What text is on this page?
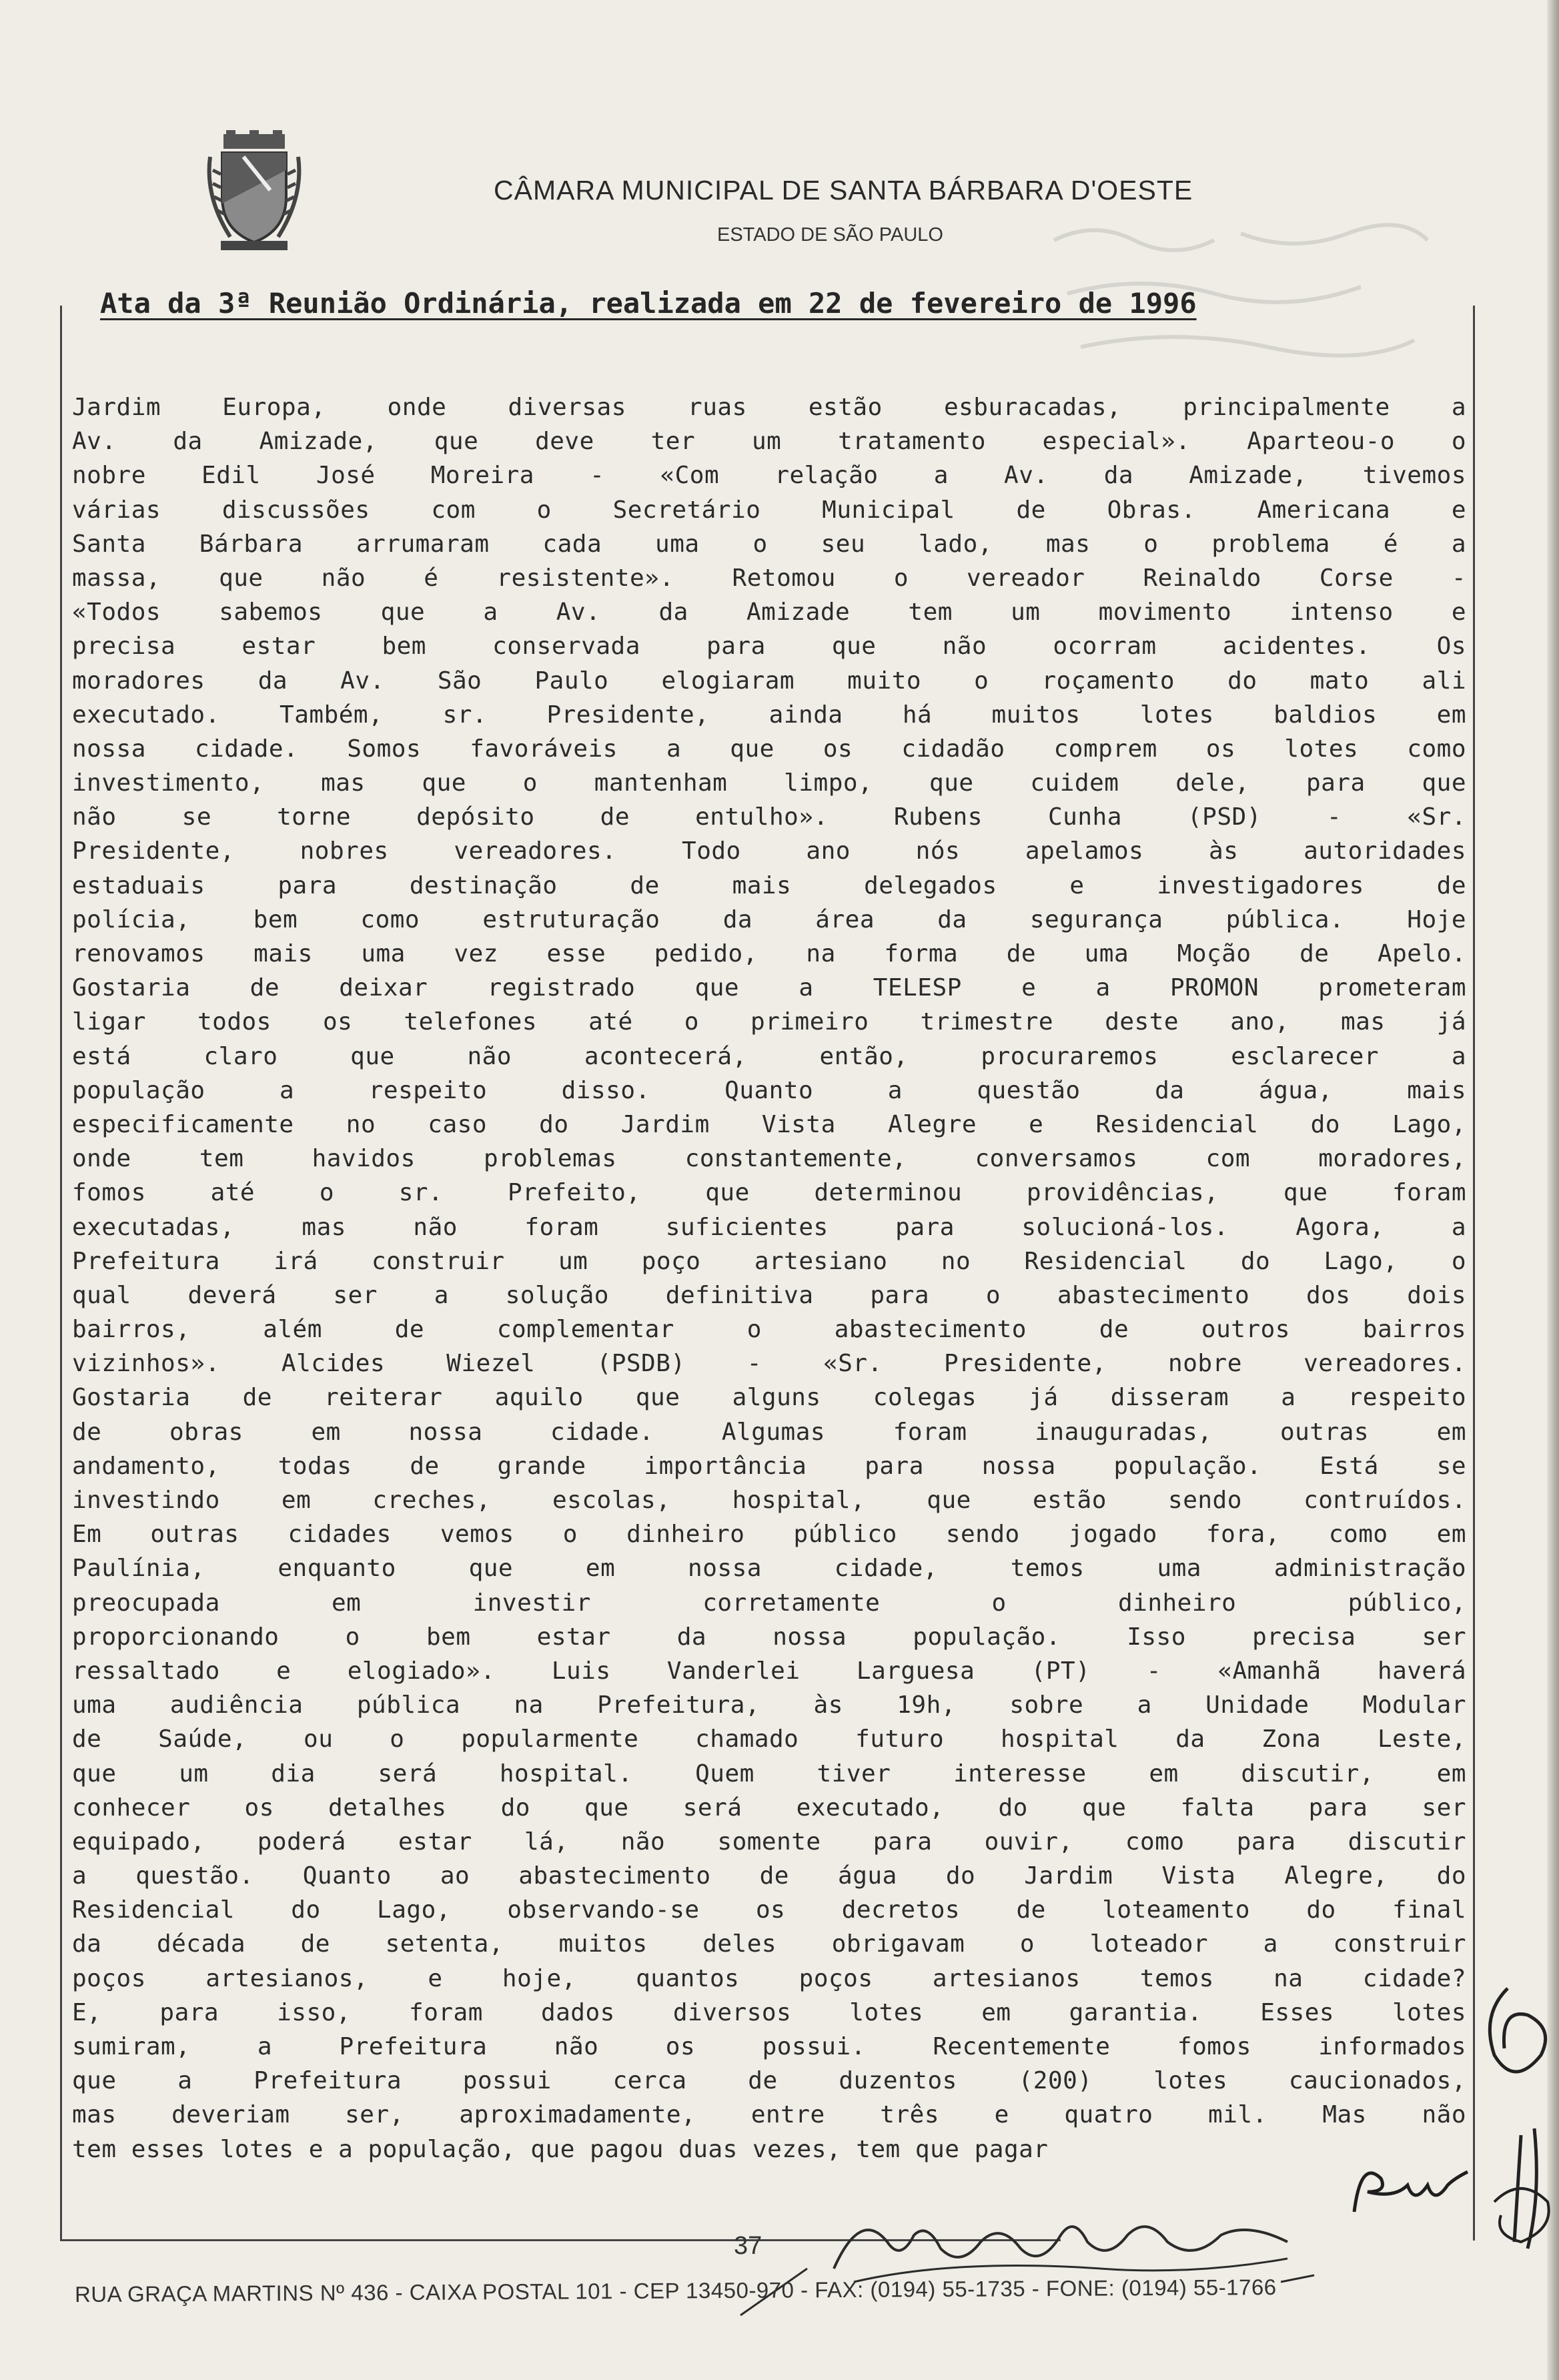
CÂMARA MUNICIPAL DE SANTA BÁRBARA D'OESTE
ESTADO DE SÃO PAULO
Ata da 3ª Reunião Ordinária, realizada em 22 de fevereiro de 1996
Jardim Europa, onde diversas ruas estão esburacadas, principalmente a
Av. da Amizade, que deve ter um tratamento especial». Aparteou-o o
nobre Edil José Moreira - «Com relação a Av. da Amizade, tivemos
várias discussões com o Secretário Municipal de Obras. Americana e
Santa Bárbara arrumaram cada uma o seu lado, mas o problema é a
massa, que não é resistente». Retomou o vereador Reinaldo Corse -
«Todos sabemos que a Av. da Amizade tem um movimento intenso e
precisa estar bem conservada para que não ocorram acidentes. Os
moradores da Av. São Paulo elogiaram muito o roçamento do mato ali
executado. Também, sr. Presidente, ainda há muitos lotes baldios em
nossa cidade. Somos favoráveis a que os cidadão comprem os lotes como
investimento, mas que o mantenham limpo, que cuidem dele, para que
não se torne depósito de entulho». Rubens Cunha (PSD) - «Sr.
Presidente, nobres vereadores. Todo ano nós apelamos às autoridades
estaduais para destinação de mais delegados e investigadores de
polícia, bem como estruturação da área da segurança pública. Hoje
renovamos mais uma vez esse pedido, na forma de uma Moção de Apelo.
Gostaria de deixar registrado que a TELESP e a PROMON prometeram
ligar todos os telefones até o primeiro trimestre deste ano, mas já
está claro que não acontecerá, então, procuraremos esclarecer a
população a respeito disso. Quanto a questão da água, mais
especificamente no caso do Jardim Vista Alegre e Residencial do Lago,
onde tem havidos problemas constantemente, conversamos com moradores,
fomos até o sr. Prefeito, que determinou providências, que foram
executadas, mas não foram suficientes para solucioná-los. Agora, a
Prefeitura irá construir um poço artesiano no Residencial do Lago, o
qual deverá ser a solução definitiva para o abastecimento dos dois
bairros, além de complementar o abastecimento de outros bairros
vizinhos». Alcides Wiezel (PSDB) - «Sr. Presidente, nobre vereadores.
Gostaria de reiterar aquilo que alguns colegas já disseram a respeito
de obras em nossa cidade. Algumas foram inauguradas, outras em
andamento, todas de grande importância para nossa população. Está se
investindo em creches, escolas, hospital, que estão sendo contruídos.
Em outras cidades vemos o dinheiro público sendo jogado fora, como em
Paulínia, enquanto que em nossa cidade, temos uma administração
preocupada em investir corretamente o dinheiro público,
proporcionando o bem estar da nossa população. Isso precisa ser
ressaltado e elogiado». Luis Vanderlei Larguesa (PT) - «Amanhã haverá
uma audiência pública na Prefeitura, às 19h, sobre a Unidade Modular
de Saúde, ou o popularmente chamado futuro hospital da Zona Leste,
que um dia será hospital. Quem tiver interesse em discutir, em
conhecer os detalhes do que será executado, do que falta para ser
equipado, poderá estar lá, não somente para ouvir, como para discutir
a questão. Quanto ao abastecimento de água do Jardim Vista Alegre, do
Residencial do Lago, observando-se os decretos de loteamento do final
da década de setenta, muitos deles obrigavam o loteador a construir
poços artesianos, e hoje, quantos poços artesianos temos na cidade?
E, para isso, foram dados diversos lotes em garantia. Esses lotes
sumiram, a Prefeitura não os possui. Recentemente fomos informados
que a Prefeitura possui cerca de duzentos (200) lotes caucionados,
mas deveriam ser, aproximadamente, entre três e quatro mil. Mas não
tem esses lotes e a população, que pagou duas vezes, tem que pagar
37
RUA GRAÇA MARTINS Nº 436 - CAIXA POSTAL 101 - CEP 13450-970 - FAX: (0194) 55-1735 - FONE: (0194) 55-1766
